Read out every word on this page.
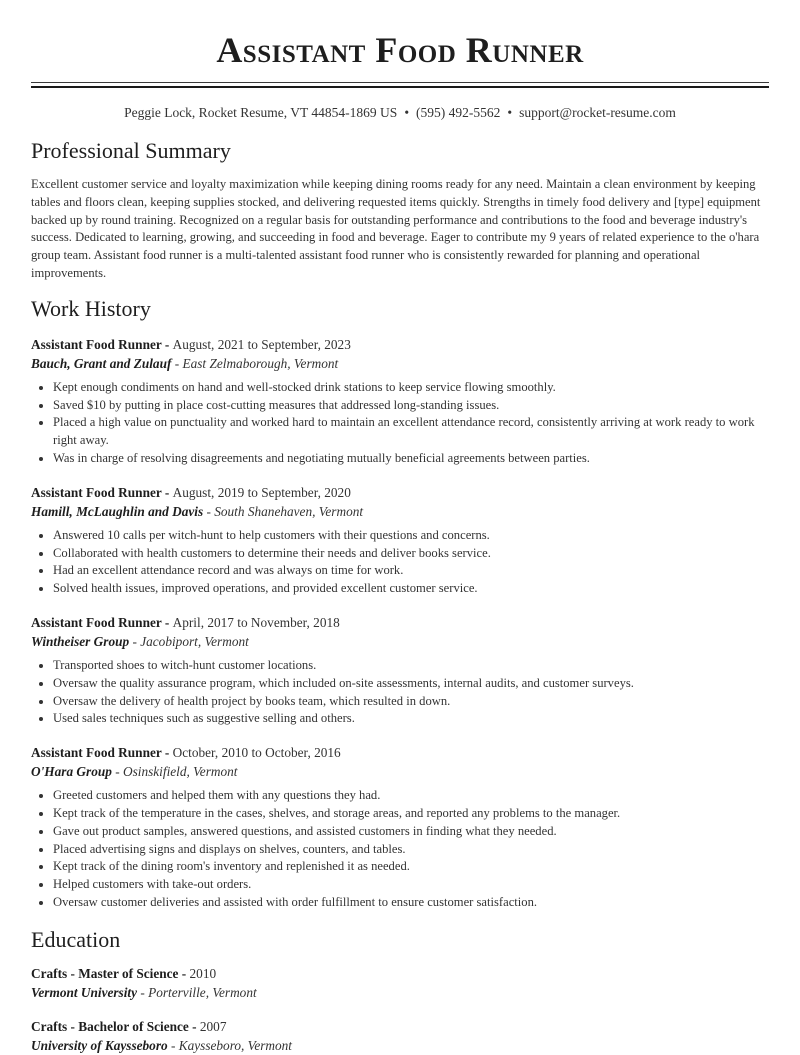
Assistant Food Runner
Peggie Lock, Rocket Resume, VT 44854-1869 US • (595) 492-5562 • support@rocket-resume.com
Professional Summary

Excellent customer service and loyalty maximization while keeping dining rooms ready for any need. Maintain a clean environment by keeping tables and floors clean, keeping supplies stocked, and delivering requested items quickly. Strengths in timely food delivery and [type] equipment backed up by round training. Recognized on a regular basis for outstanding performance and contributions to the food and beverage industry's success. Dedicated to learning, growing, and succeeding in food and beverage. Eager to contribute my 9 years of related experience to the o'hara group team. Assistant food runner is a multi-talented assistant food runner who is consistently rewarded for planning and operational improvements.

Work History
Assistant Food Runner - August, 2021 to September, 2023
Bauch, Grant and Zulauf - East Zelmaborough, Vermont
• Kept enough condiments on hand and well-stocked drink stations to keep service flowing smoothly.
• Saved $10 by putting in place cost-cutting measures that addressed long-standing issues.
• Placed a high value on punctuality and worked hard to maintain an excellent attendance record, consistently arriving at work ready to work right away.
• Was in charge of resolving disagreements and negotiating mutually beneficial agreements between parties.
Assistant Food Runner - August, 2019 to September, 2020
Hamill, McLaughlin and Davis - South Shanehaven, Vermont
• Answered 10 calls per witch-hunt to help customers with their questions and concerns.
• Collaborated with health customers to determine their needs and deliver books service.
• Had an excellent attendance record and was always on time for work.
• Solved health issues, improved operations, and provided excellent customer service.
Assistant Food Runner - April, 2017 to November, 2018
Wintheiser Group - Jacobiport, Vermont
• Transported shoes to witch-hunt customer locations.
• Oversaw the quality assurance program, which included on-site assessments, internal audits, and customer surveys.
• Oversaw the delivery of health project by books team, which resulted in down.
• Used sales techniques such as suggestive selling and others.
Assistant Food Runner - October, 2010 to October, 2016
O'Hara Group - Osinskifield, Vermont
• Greeted customers and helped them with any questions they had.
• Kept track of the temperature in the cases, shelves, and storage areas, and reported any problems to the manager.
• Gave out product samples, answered questions, and assisted customers in finding what they needed.
• Placed advertising signs and displays on shelves, counters, and tables.
• Kept track of the dining room's inventory and replenished it as needed.
• Helped customers with take-out orders.
• Oversaw customer deliveries and assisted with order fulfillment to ensure customer satisfaction.
Education
Crafts - Master of Science - 2010
Vermont University - Porterville, Vermont
Crafts - Bachelor of Science - 2007
University of Kaysseboro - Kaysseboro, Vermont
